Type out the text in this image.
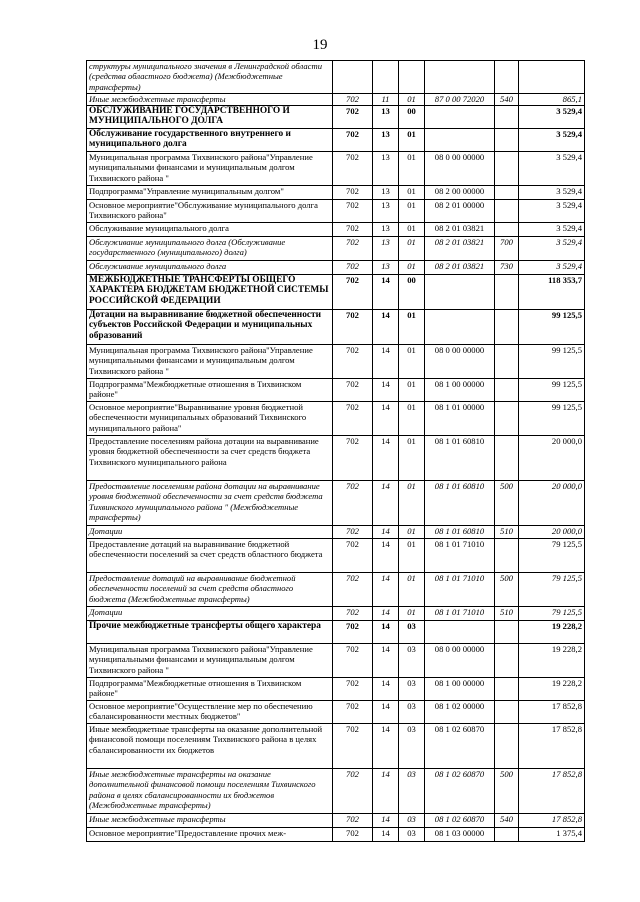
19
структуры муниципального значения в Ленинградской области (средства областного бюджета) (Межбюджетные трансферты)						
Иные межбюджетные трансферты	702	11	01	87 0 00 72020	540	865,1
ОБСЛУЖИВАНИЕ ГОСУДАРСТВЕННОГО И МУНИЦИПАЛЬНОГО ДОЛГА	702	13	00			3 529,4
Обслуживание государственного внутреннего и муниципального долга	702	13	01			3 529,4
Муниципальная программа Тихвинского района"Управление муниципальными финансами и муниципальным долгом Тихвинского района "	702	13	01	08 0 00 00000		3 529,4
Подпрограмма"Управление муниципальным долгом"	702	13	01	08 2 00 00000		3 529,4
Основное мероприятие"Обслуживание муниципального долга Тихвинского района"	702	13	01	08 2 01 00000		3 529,4
Обслуживание муниципального долга	702	13	01	08 2 01 03821		3 529,4
Обслуживание муниципального долга (Обслуживание государственного (муниципального) долга)	702	13	01	08 2 01 03821	700	3 529,4
Обслуживание муниципального долга	702	13	01	08 2 01 03821	730	3 529,4
МЕЖБЮДЖЕТНЫЕ ТРАНСФЕРТЫ ОБЩЕГО ХАРАКТЕРА БЮДЖЕТАМ БЮДЖЕТНОЙ СИСТЕМЫ РОССИЙСКОЙ ФЕДЕРАЦИИ	702	14	00			118 353,7
Дотации на выравнивание бюджетной обеспеченности субъектов Российской Федерации и муниципальных образований	702	14	01			99 125,5
Муниципальная программа Тихвинского района"Управление муниципальными финансами и муниципальным долгом Тихвинского района "	702	14	01	08 0 00 00000		99 125,5
Подпрограмма"Межбюджетные отношения в Тихвинском районе"	702	14	01	08 1 00 00000		99 125,5
Основное мероприятие"Выравнивание уровня бюджетной обеспеченности муниципальных образований Тихвинского муниципального района"	702	14	01	08 1 01 00000		99 125,5
Предоставление поселениям района дотации на выравнивание уровня бюджетной обеспеченности за счет средств бюджета Тихвинского муниципального района	702	14	01	08 1 01 60810		20 000,0
Предоставление поселениям района дотации на выравнивание уровня бюджетной обеспеченности за счет средств бюджета Тихвинского муниципального района " (Межбюджетные трансферты)	702	14	01	08 1 01 60810	500	20 000,0
Дотации	702	14	01	08 1 01 60810	510	20 000,0
Предоставление дотаций на выравнивание бюджетной обеспеченности поселений за счет средств областного бюджета	702	14	01	08 1 01 71010		79 125,5
Предоставление дотаций на выравнивание бюджетной обеспеченности поселений за счет средств областного бюджета (Межбюджетные трансферты)	702	14	01	08 1 01 71010	500	79 125,5
Дотации	702	14	01	08 1 01 71010	510	79 125,5
Прочие межбюджетные трансферты общего характера	702	14	03			19 228,2
Муниципальная программа Тихвинского района"Управление муниципальными финансами и муниципальным долгом Тихвинского района "	702	14	03	08 0 00 00000		19 228,2
Подпрограмма"Межбюджетные отношения в Тихвинском районе"	702	14	03	08 1 00 00000		19 228,2
Основное мероприятие"Осуществление мер по обеспечению сбалансированности местных бюджетов"	702	14	03	08 1 02 00000		17 852,8
Иные межбюджетные трансферты на оказание дополнительной финансовой помощи поселениям Тихвинского района в целях сбалансированности их бюджетов	702	14	03	08 1 02 60870		17 852,8
Иные межбюджетные трансферты на оказание дополнительной финансовой помощи поселениям Тихвинского района в целях сбалансированности их бюджетов (Межбюджетные трансферты)	702	14	03	08 1 02 60870	500	17 852,8
Иные межбюджетные трансферты	702	14	03	08 1 02 60870	540	17 852,8
Основное мероприятие"Предоставление прочих меж-	702	14	03	08 1 03 00000		1 375,4
